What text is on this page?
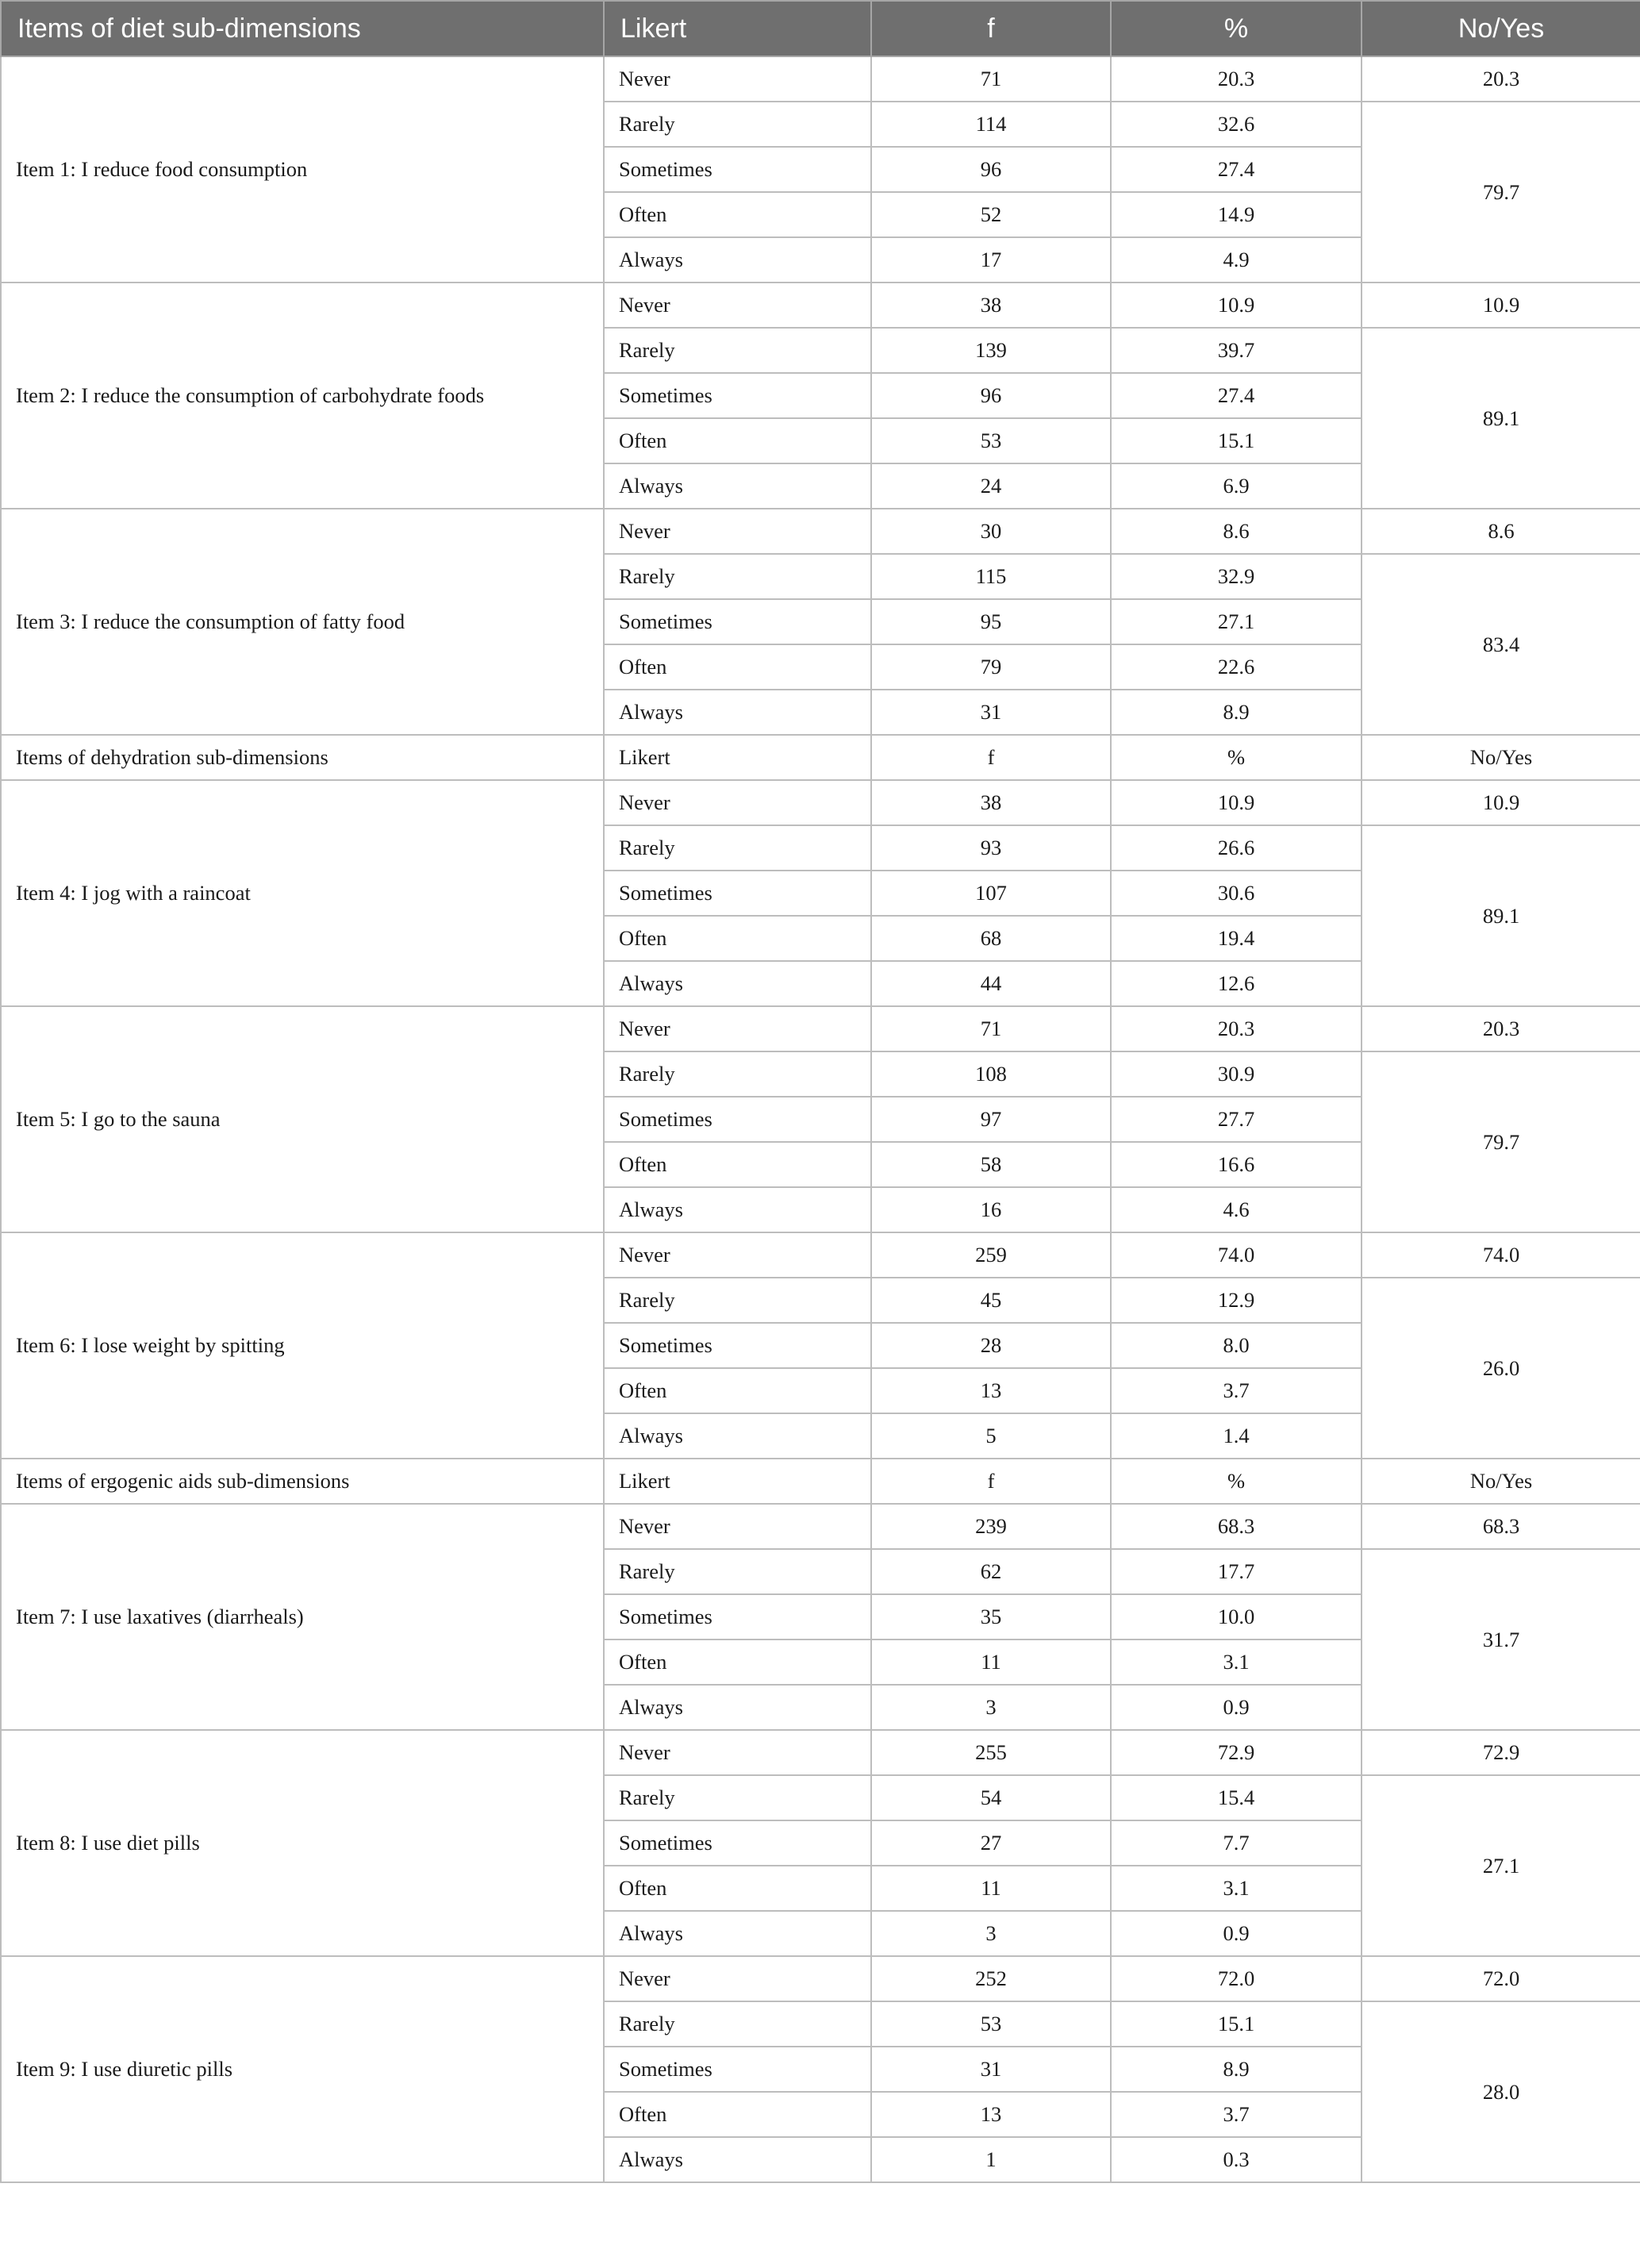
Items of diet sub-dimensions	Likert	f	%	No/Yes
Item 1: I reduce food consumption	Never	71	20.3	20.3
	Rarely	114	32.6	79.7
	Sometimes	96	27.4	
	Often	52	14.9	
	Always	17	4.9	
Item 2: I reduce the consumption of carbohydrate foods	Never	38	10.9	10.9
	Rarely	139	39.7	89.1
	Sometimes	96	27.4	
	Often	53	15.1	
	Always	24	6.9	
Item 3: I reduce the consumption of fatty food	Never	30	8.6	8.6
	Rarely	115	32.9	83.4
	Sometimes	95	27.1	
	Often	79	22.6	
	Always	31	8.9	
Items of dehydration sub-dimensions	Likert	f	%	No/Yes
Item 4: I jog with a raincoat	Never	38	10.9	10.9
	Rarely	93	26.6	89.1
	Sometimes	107	30.6	
	Often	68	19.4	
	Always	44	12.6	
Item 5: I go to the sauna	Never	71	20.3	20.3
	Rarely	108	30.9	79.7
	Sometimes	97	27.7	
	Often	58	16.6	
	Always	16	4.6	
Item 6: I lose weight by spitting	Never	259	74.0	74.0
	Rarely	45	12.9	26.0
	Sometimes	28	8.0	
	Often	13	3.7	
	Always	5	1.4	
Items of ergogenic aids sub-dimensions	Likert	f	%	No/Yes
Item 7: I use laxatives (diarrheals)	Never	239	68.3	68.3
	Rarely	62	17.7	31.7
	Sometimes	35	10.0	
	Often	11	3.1	
	Always	3	0.9	
Item 8: I use diet pills	Never	255	72.9	72.9
	Rarely	54	15.4	27.1
	Sometimes	27	7.7	
	Often	11	3.1	
	Always	3	0.9	
Item 9: I use diuretic pills	Never	252	72.0	72.0
	Rarely	53	15.1	28.0
	Sometimes	31	8.9	
	Often	13	3.7	
	Always	1	0.3	
